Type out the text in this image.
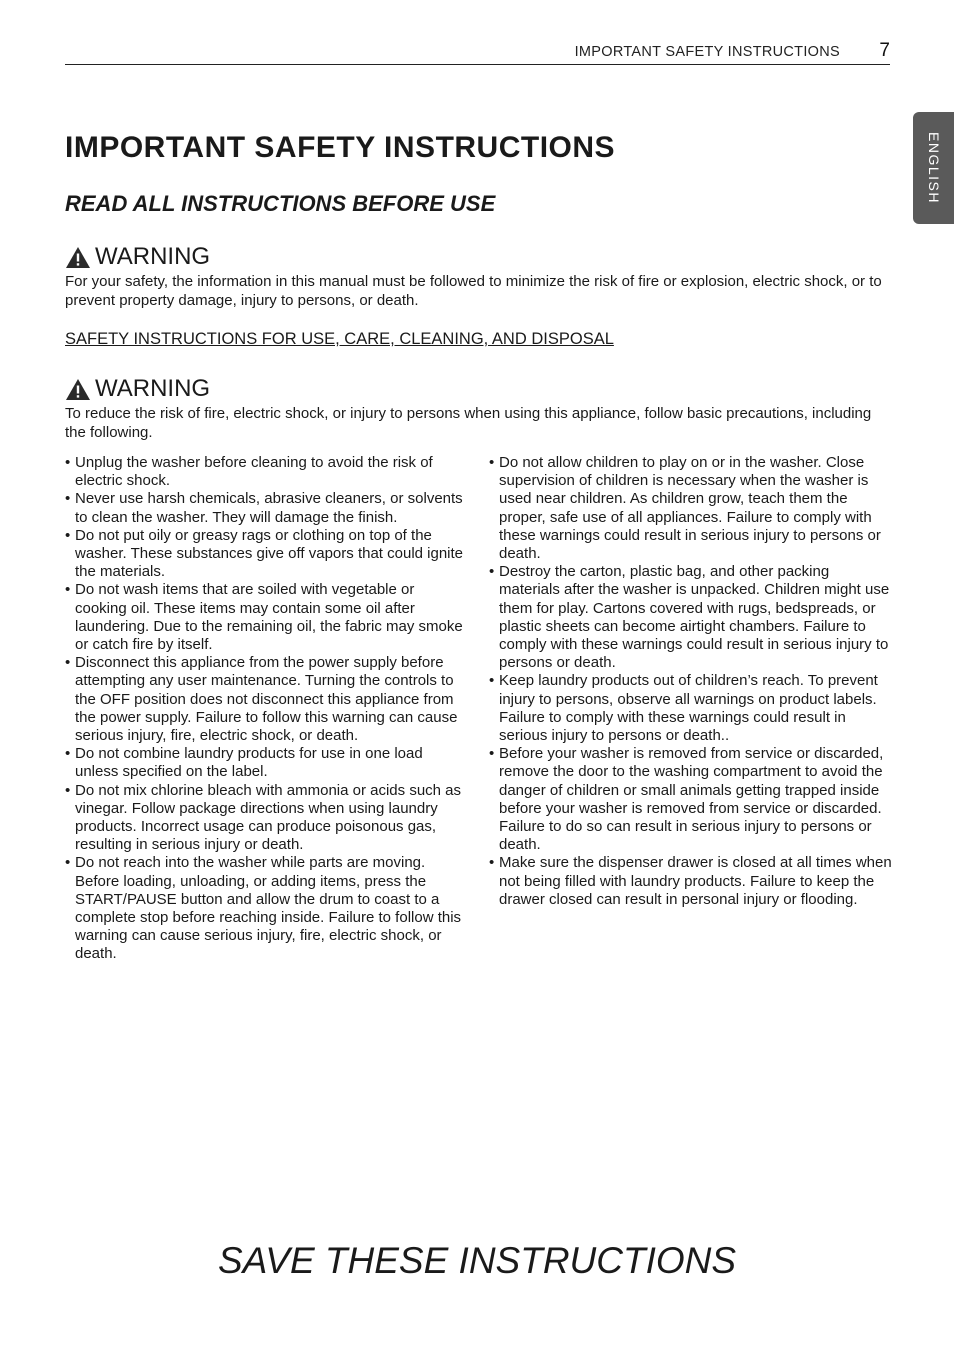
IMPORTANT SAFETY INSTRUCTIONS 7
ENGLISH
IMPORTANT SAFETY INSTRUCTIONS
READ ALL INSTRUCTIONS BEFORE USE
WARNING

For your safety, the information in this manual must be followed to minimize the risk of fire or explosion, electric shock, or to prevent property damage, injury to persons, or death.

SAFETY INSTRUCTIONS FOR USE, CARE, CLEANING, AND DISPOSAL
WARNING

To reduce the risk of fire, electric shock, or injury to persons when using this appliance, follow basic precautions, including the following.

• Unplug the washer before cleaning to avoid the risk of electric shock.
• Never use harsh chemicals, abrasive cleaners, or solvents to clean the washer. They will damage the finish.
• Do not put oily or greasy rags or clothing on top of the washer. These substances give off vapors that could ignite the materials.
• Do not wash items that are soiled with vegetable or cooking oil. These items may contain some oil after laundering. Due to the remaining oil, the fabric may smoke or catch fire by itself.
• Disconnect this appliance from the power supply before attempting any user maintenance. Turning the controls to the OFF position does not disconnect this appliance from the power supply. Failure to follow this warning can cause serious injury, fire, electric shock, or death.
• Do not combine laundry products for use in one load unless specified on the label.
• Do not mix chlorine bleach with ammonia or acids such as vinegar. Follow package directions when using laundry products. Incorrect usage can produce poisonous gas, resulting in serious injury or death.
• Do not reach into the washer while parts are moving. Before loading, unloading, or adding items, press the START/PAUSE button and allow the drum to coast to a complete stop before reaching inside. Failure to follow this warning can cause serious injury, fire, electric shock, or death.
• Do not allow children to play on or in the washer. Close supervision of children is necessary when the washer is used near children. As children grow, teach them the proper, safe use of all appliances. Failure to comply with these warnings could result in serious injury to persons or death.
• Destroy the carton, plastic bag, and other packing materials after the washer is unpacked. Children might use them for play. Cartons covered with rugs, bedspreads, or plastic sheets can become airtight chambers. Failure to comply with these warnings could result in serious injury to persons or death.
• Keep laundry products out of children’s reach. To prevent injury to persons, observe all warnings on product labels. Failure to comply with these warnings could result in serious injury to persons or death..
• Before your washer is removed from service or discarded, remove the door to the washing compartment to avoid the danger of children or small animals getting trapped inside before your washer is removed from service or discarded. Failure to do so can result in serious injury to persons or death.
• Make sure the dispenser drawer is closed at all times when not being filled with laundry products. Failure to keep the drawer closed can result in personal injury or flooding.
SAVE THESE INSTRUCTIONS
